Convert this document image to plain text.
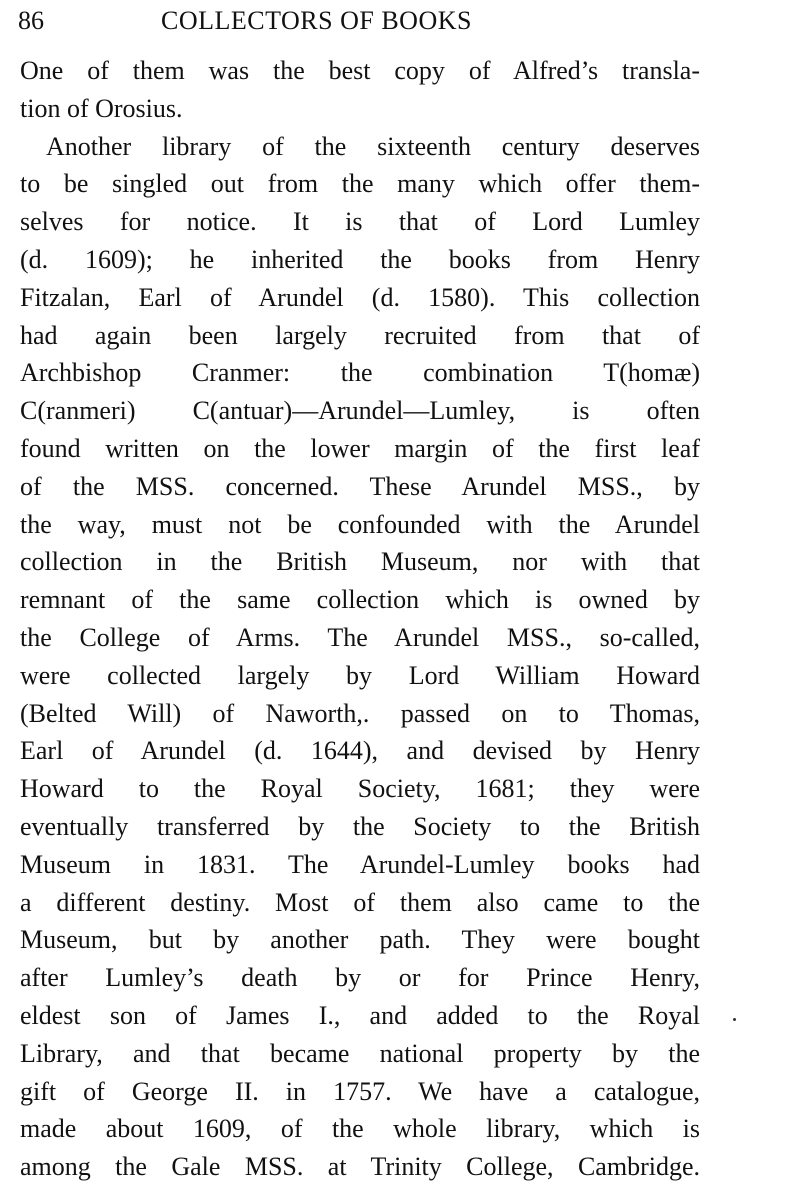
86	COLLECTORS OF BOOKS
One of them was the best copy of Alfred’s transla-
tion of Orosius.
Another library of the sixteenth century deserves
to be singled out from the many which offer them-
selves for notice. It is that of Lord Lumley
(d. 1609); he inherited the books from Henry
Fitzalan, Earl of Arundel (d. 1580). This collection
had again been largely recruited from that of
Archbishop Cranmer: the combination T(homæ)
C(ranmeri) C(antuar)—Arundel—Lumley, is often
found written on the lower margin of the first leaf
of the MSS. concerned. These Arundel MSS., by
the way, must not be confounded with the Arundel
collection in the British Museum, nor with that
remnant of the same collection which is owned by
the College of Arms. The Arundel MSS., so-called,
were collected largely by Lord William Howard
(Belted Will) of Naworth,. passed on to Thomas,
Earl of Arundel (d. 1644), and devised by Henry
Howard to the Royal Society, 1681; they were
eventually transferred by the Society to the British
Museum in 1831. The Arundel-Lumley books had
a different destiny. Most of them also came to the
Museum, but by another path. They were bought
after Lumley’s death by or for Prince Henry,
eldest son of James I., and added to the Royal
Library, and that became national property by the
gift of George II. in 1757. We have a catalogue,
made about 1609, of the whole library, which is
among the Gale MSS. at Trinity College, Cambridge.
